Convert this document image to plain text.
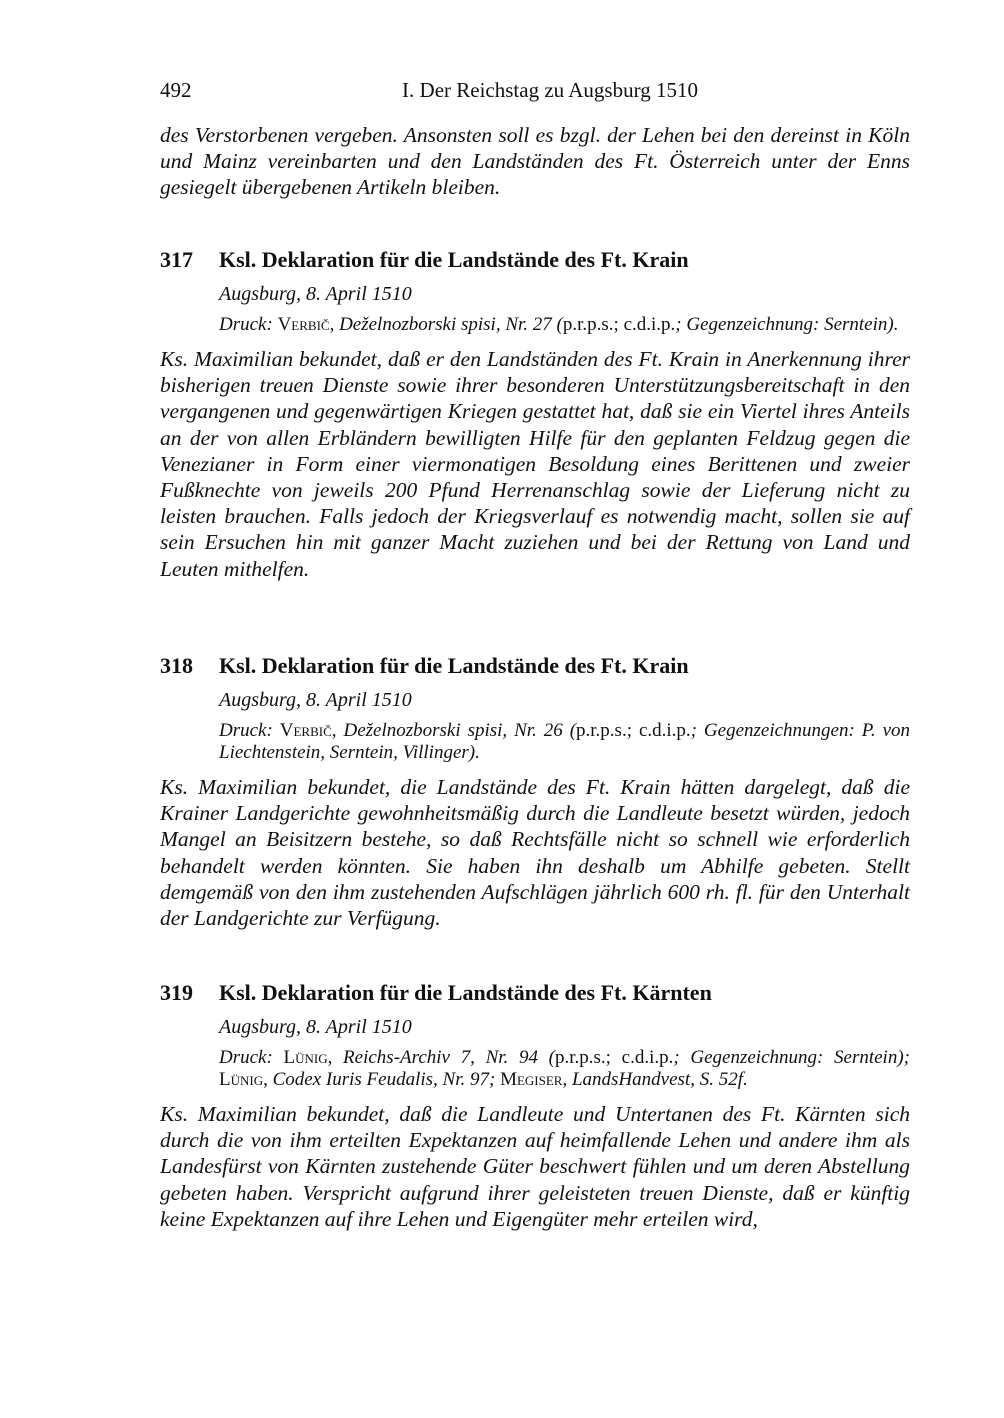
492	I. Der Reichstag zu Augsburg 1510

des Verstorbenen vergeben. Ansonsten soll es bzgl. der Lehen bei den dereinst in Köln und Mainz vereinbarten und den Landständen des Ft. Österreich unter der Enns gesiegelt übergebenen Artikeln bleiben.

317 Ksl. Deklaration für die Landstände des Ft. Krain
Augsburg, 8. April 1510
Druck: Verbič, Deželnozborski spisi, Nr. 27 (p.r.p.s.; c.d.i.p.; Gegenzeichnung: Serntein).

Ks. Maximilian bekundet, daß er den Landständen des Ft. Krain in Anerkennung ihrer bisherigen treuen Dienste sowie ihrer besonderen Unterstützungsbereitschaft in den vergangenen und gegenwärtigen Kriegen gestattet hat, daß sie ein Viertel ihres Anteils an der von allen Erbländern bewilligten Hilfe für den geplanten Feldzug gegen die Venezianer in Form einer viermonatigen Besoldung eines Berittenen und zweier Fußknechte von jeweils 200 Pfund Herrenanschlag sowie der Lieferung nicht zu leisten brauchen. Falls jedoch der Kriegsverlauf es notwendig macht, sollen sie auf sein Ersuchen hin mit ganzer Macht zuziehen und bei der Rettung von Land und Leuten mithelfen.

318 Ksl. Deklaration für die Landstände des Ft. Krain
Augsburg, 8. April 1510
Druck: Verbič, Deželnozborski spisi, Nr. 26 (p.r.p.s.; c.d.i.p.; Gegenzeichnungen: P. von Liechtenstein, Serntein, Villinger).

Ks. Maximilian bekundet, die Landstände des Ft. Krain hätten dargelegt, daß die Krainer Landgerichte gewohnheitsmäßig durch die Landleute besetzt würden, jedoch Mangel an Beisitzern bestehe, so daß Rechtsfälle nicht so schnell wie erforderlich behandelt werden könnten. Sie haben ihn deshalb um Abhilfe gebeten. Stellt demgemäß von den ihm zustehenden Aufschlägen jährlich 600 rh. fl. für den Unterhalt der Landgerichte zur Verfügung.

319 Ksl. Deklaration für die Landstände des Ft. Kärnten
Augsburg, 8. April 1510
Druck: Lünig, Reichs-Archiv 7, Nr. 94 (p.r.p.s.; c.d.i.p.; Gegenzeichnung: Serntein); Lünig, Codex Iuris Feudalis, Nr. 97; Megiser, LandsHandvest, S. 52f.

Ks. Maximilian bekundet, daß die Landleute und Untertanen des Ft. Kärnten sich durch die von ihm erteilten Expektanzen auf heimfallende Lehen und andere ihm als Landesfürst von Kärnten zustehende Güter beschwert fühlen und um deren Abstellung gebeten haben. Verspricht aufgrund ihrer geleisteten treuen Dienste, daß er künftig keine Expektanzen auf ihre Lehen und Eigengüter mehr erteilen wird,
